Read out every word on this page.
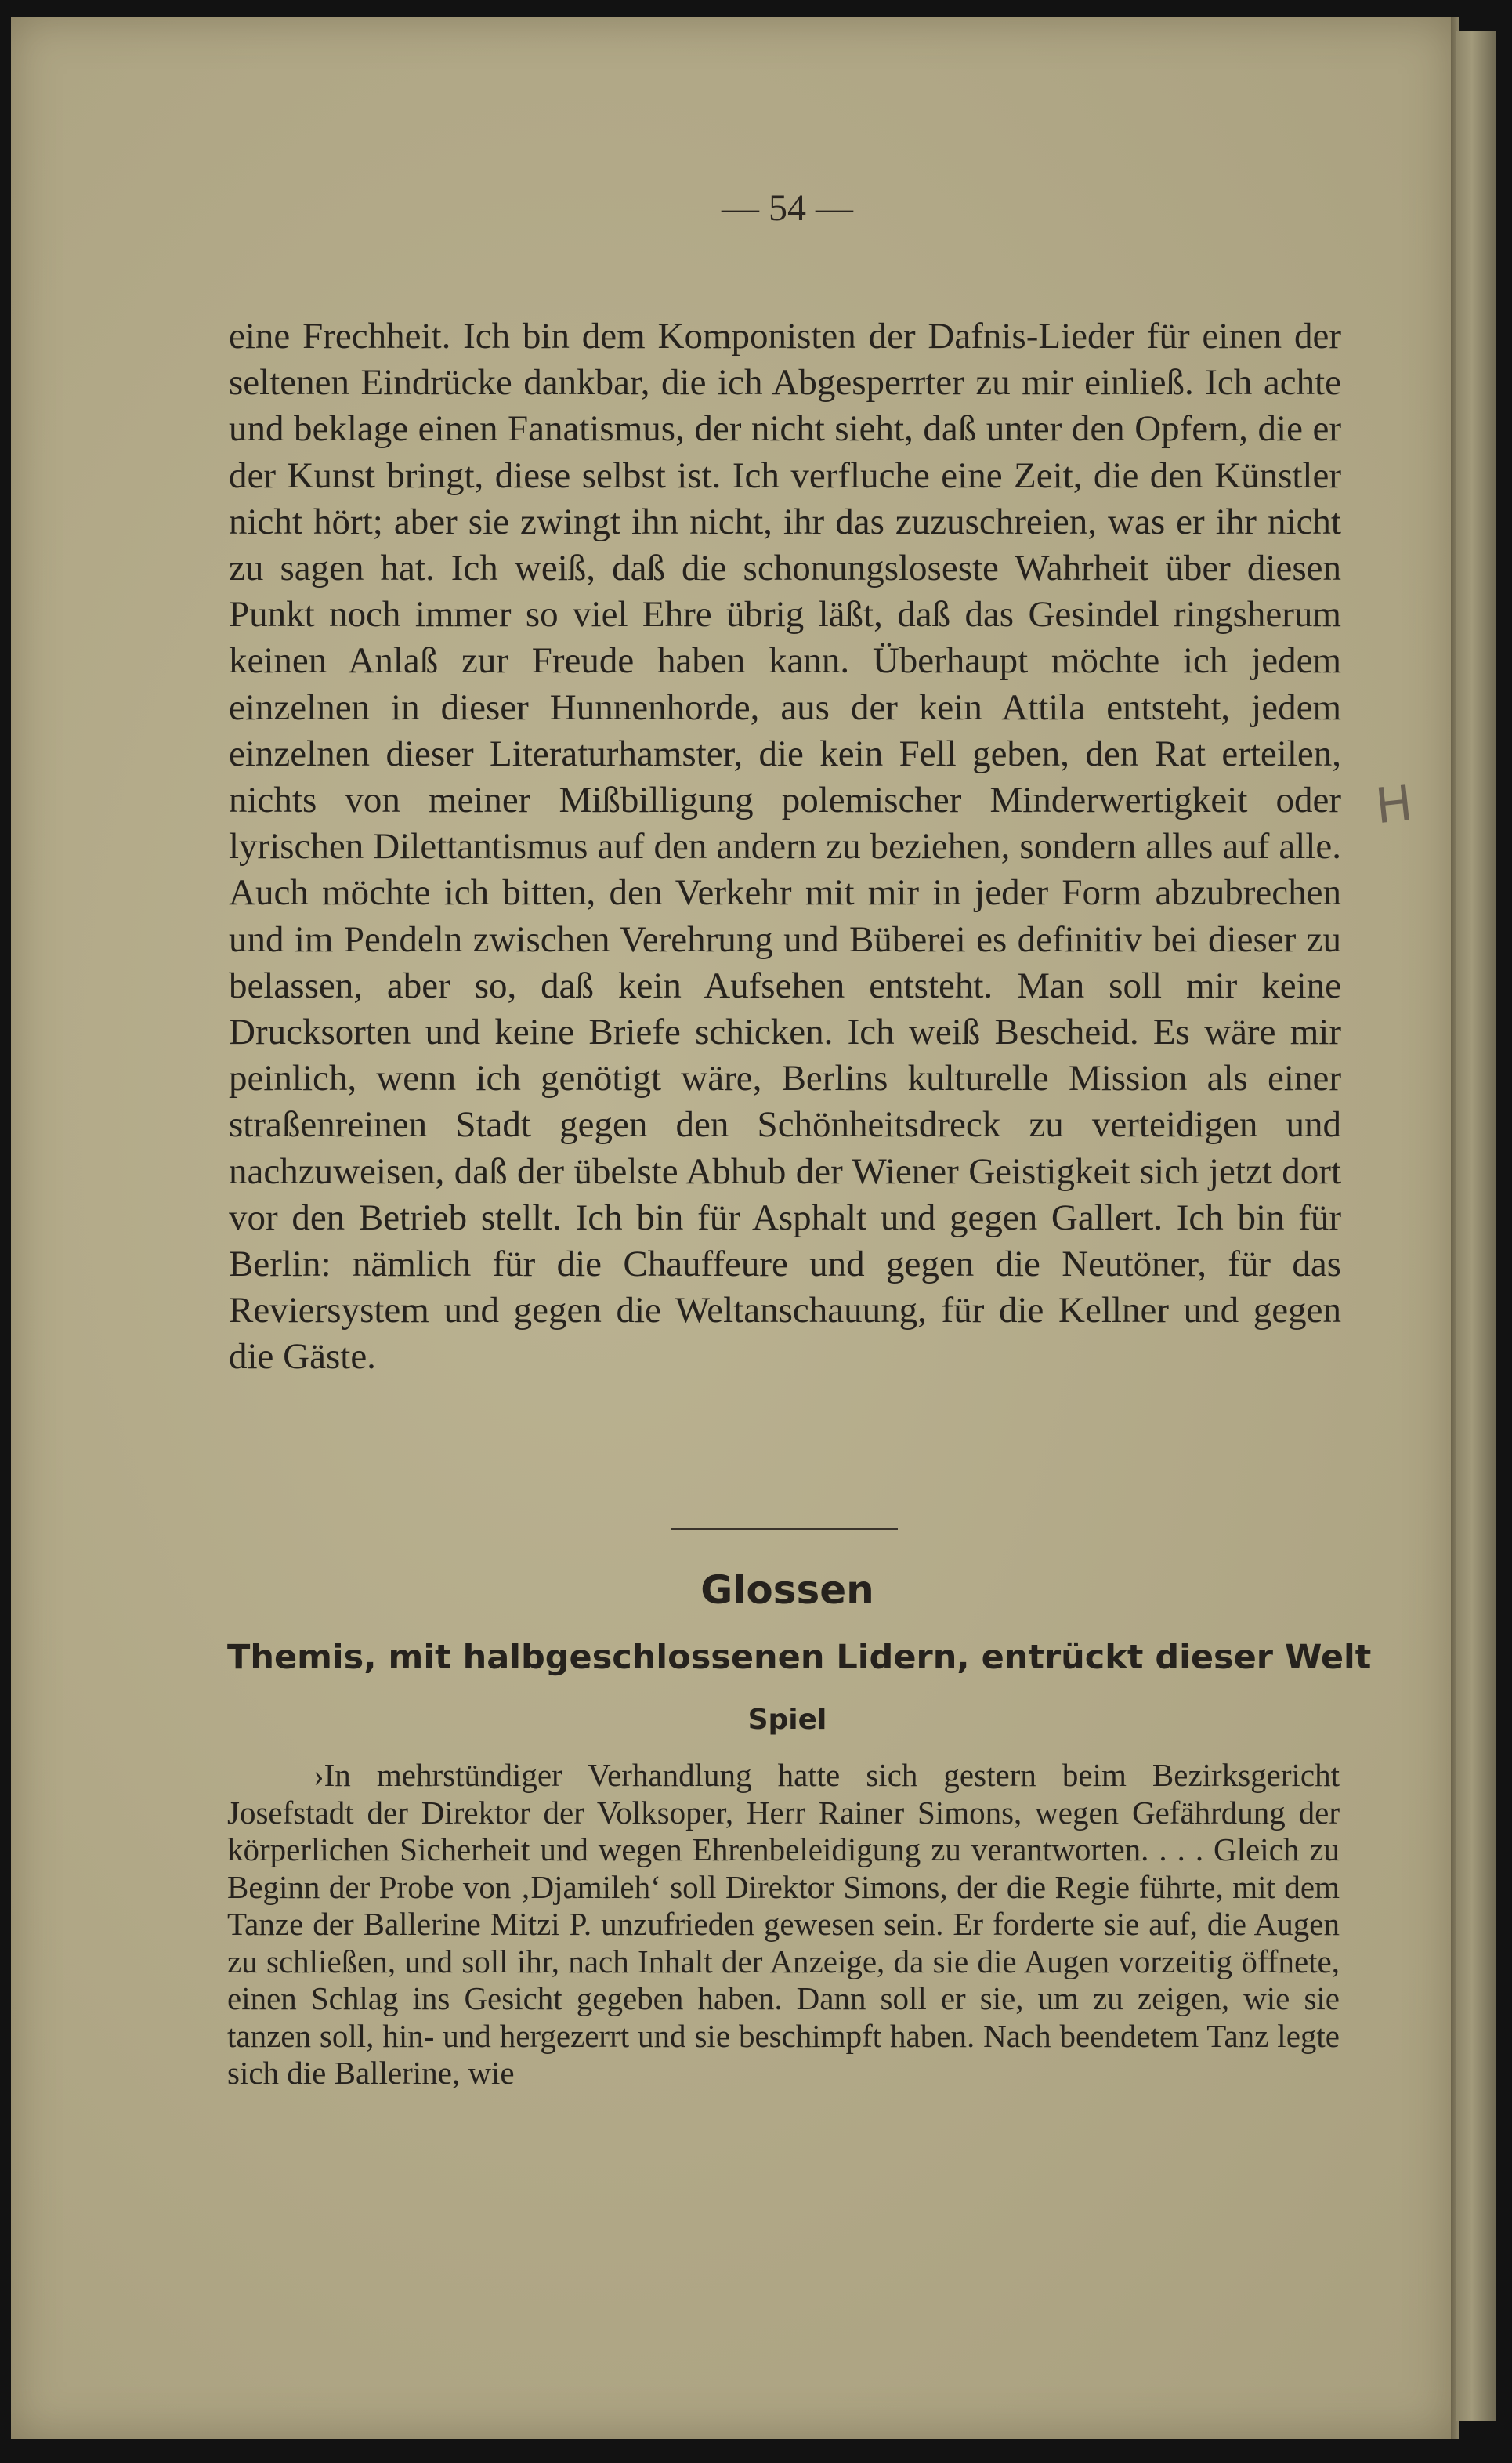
H
— 54 —

eine Frechheit. Ich bin dem Komponisten der Dafnis-Lieder für einen der seltenen Eindrücke dankbar, die ich Abgesperrter zu mir einließ. Ich achte und beklage einen Fanatismus, der nicht sieht, daß unter den Opfern, die er der Kunst bringt, diese selbst ist. Ich verfluche eine Zeit, die den Künstler nicht hört; aber sie zwingt ihn nicht, ihr das zuzuschreien, was er ihr nicht zu sagen hat. Ich weiß, daß die schonungsloseste Wahrheit über diesen Punkt noch immer so viel Ehre übrig läßt, daß das Gesindel ringsherum keinen Anlaß zur Freude haben kann. Überhaupt möchte ich jedem einzelnen in dieser Hunnenhorde, aus der kein Attila entsteht, jedem einzelnen dieser Literaturhamster, die kein Fell geben, den Rat erteilen, nichts von meiner Mißbilligung polemischer Minderwertigkeit oder lyrischen Dilettantismus auf den andern zu beziehen, sondern alles auf alle. Auch möchte ich bitten, den Verkehr mit mir in jeder Form abzubrechen und im Pendeln zwischen Verehrung und Büberei es definitiv bei dieser zu belassen, aber so, daß kein Aufsehen entsteht. Man soll mir keine Drucksorten und keine Briefe schicken. Ich weiß Bescheid. Es wäre mir peinlich, wenn ich genötigt wäre, Berlins kulturelle Mission als einer straßenreinen Stadt gegen den Schönheitsdreck zu verteidigen und nachzuweisen, daß der übelste Abhub der Wiener Geistigkeit sich jetzt dort vor den Betrieb stellt. Ich bin für Asphalt und gegen Gallert. Ich bin für Berlin: nämlich für die Chauffeure und gegen die Neutöner, für das Reviersystem und gegen die Weltanschauung, für die Kellner und gegen die Gäste.

Glossen
Themis, mit halbgeschlossenen Lidern, entrückt dieser Welt
Spiel

›In mehrstündiger Verhandlung hatte sich gestern beim Bezirksgericht Josefstadt der Direktor der Volksoper, Herr Rainer Simons, wegen Gefährdung der körperlichen Sicherheit und wegen Ehrenbeleidigung zu verantworten. . . . Gleich zu Beginn der Probe von ‚Djamileh‘ soll Direktor Simons, der die Regie führte, mit dem Tanze der Ballerine Mitzi P. unzufrieden gewesen sein. Er forderte sie auf, die Augen zu schließen, und soll ihr, nach Inhalt der Anzeige, da sie die Augen vorzeitig öffnete, einen Schlag ins Gesicht gegeben haben. Dann soll er sie, um zu zeigen, wie sie tanzen soll, hin- und hergezerrt und sie beschimpft haben. Nach beendetem Tanz legte sich die Ballerine, wie
